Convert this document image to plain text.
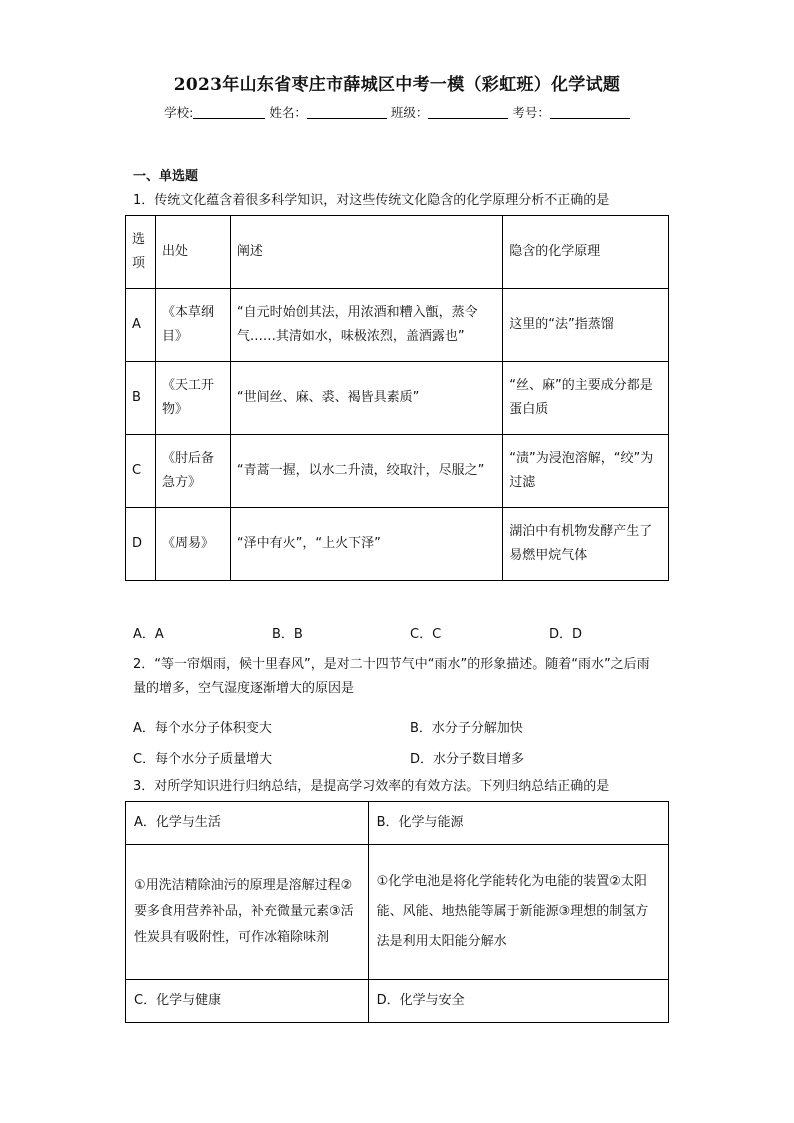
2023年山东省枣庄市薛城区中考一模（彩虹班）化学试题
学校:	姓名：	班级：	考号：
一、单选题
1．传统文化蕴含着很多科学知识，对这些传统文化隐含的化学原理分析不正确的是
选项	出处	阐述	隐含的化学原理
A	《本草纲目》	“自元时始创其法，用浓酒和糟入甑，蒸令气……其清如水，味极浓烈，盖酒露也”	这里的“法”指蒸馏
B	《天工开物》	“世间丝、麻、裘、褐皆具素质”	“丝、麻”的主要成分都是蛋白质
C	《肘后备急方》	“青蒿一握，以水二升渍，绞取汁，尽服之”	“渍”为浸泡溶解，“绞”为过滤
D	《周易》	“泽中有火”，“上火下泽”	湖泊中有机物发酵产生了易燃甲烷气体
A．A	B．B	C．C	D．D
2．“等一帘烟雨，候十里春风”，是对二十四节气中“雨水”的形象描述。随着“雨水”之后雨量的增多，空气湿度逐渐增大的原因是
A．每个水分子体积变大	B．水分子分解加快
C．每个水分子质量增大	D．水分子数目增多
3．对所学知识进行归纳总结，是提高学习效率的有效方法。下列归纳总结正确的是
A．化学与生活	B．化学与能源
①用洗洁精除油污的原理是溶解过程②要多食用营养补品，补充微量元素③活性炭具有吸附性，可作冰箱除味剂	①化学电池是将化学能转化为电能的装置②太阳能、风能、地热能等属于新能源③理想的制氢方法是利用太阳能分解水
C．化学与健康	D．化学与安全
